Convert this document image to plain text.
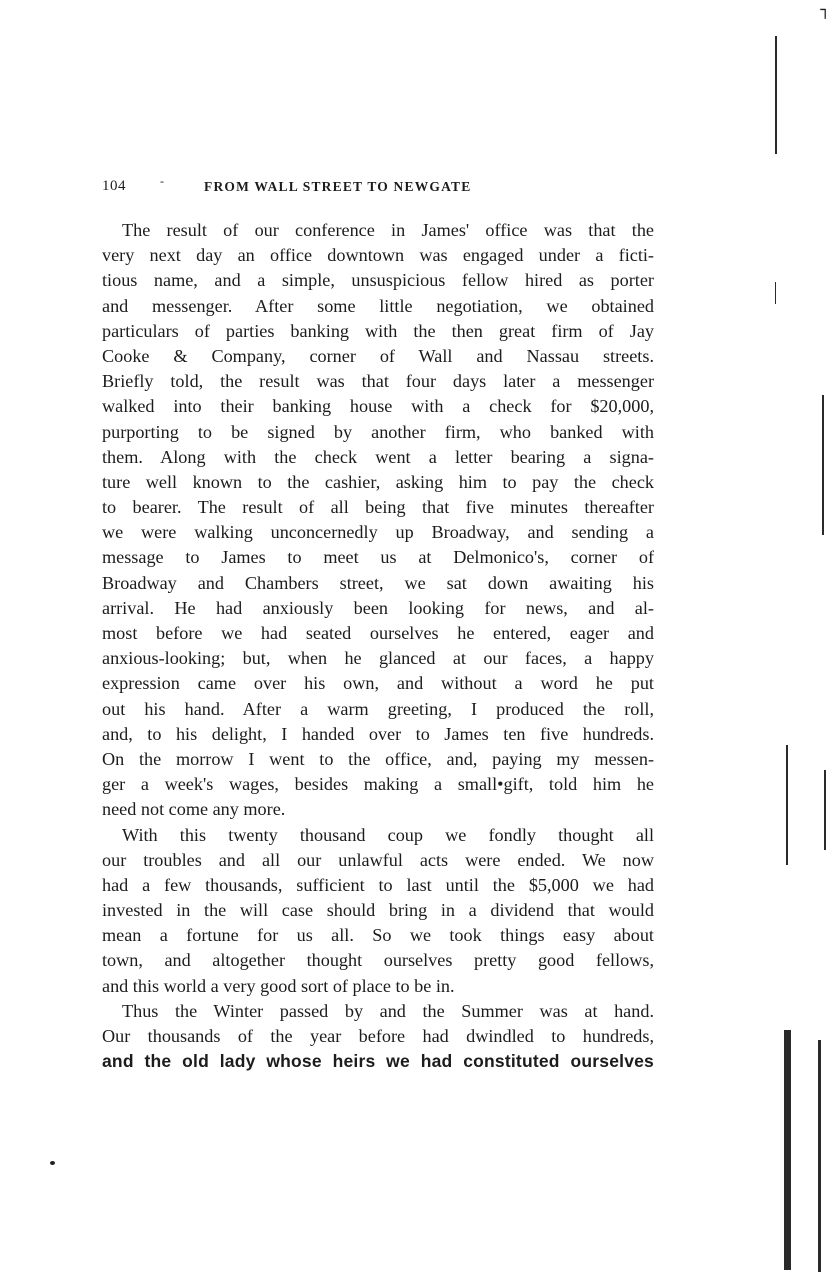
┐
104	-	FROM WALL STREET TO NEWGATE
The result of our conference in James' office was that the
very next day an office downtown was engaged under a ficti-
tious name, and a simple, unsuspicious fellow hired as porter
and messenger. After some little negotiation, we obtained
particulars of parties banking with the then great firm of Jay
Cooke & Company, corner of Wall and Nassau streets.
Briefly told, the result was that four days later a messenger
walked into their banking house with a check for $20,000,
purporting to be signed by another firm, who banked with
them. Along with the check went a letter bearing a signa-
ture well known to the cashier, asking him to pay the check
to bearer. The result of all being that five minutes thereafter
we were walking unconcernedly up Broadway, and sending a
message to James to meet us at Delmonico's, corner of
Broadway and Chambers street, we sat down awaiting his
arrival. He had anxiously been looking for news, and al-
most before we had seated ourselves he entered, eager and
anxious-looking; but, when he glanced at our faces, a happy
expression came over his own, and without a word he put
out his hand. After a warm greeting, I produced the roll,
and, to his delight, I handed over to James ten five hundreds.
On the morrow I went to the office, and, paying my messen-
ger a week's wages, besides making a small•gift, told him he
need not come any more.
With this twenty thousand coup we fondly thought all
our troubles and all our unlawful acts were ended. We now
had a few thousands, sufficient to last until the $5,000 we had
invested in the will case should bring in a dividend that would
mean a fortune for us all. So we took things easy about
town, and altogether thought ourselves pretty good fellows,
and this world a very good sort of place to be in.
Thus the Winter passed by and the Summer was at hand.
Our thousands of the year before had dwindled to hundreds,
and the old lady whose heirs we had constituted ourselves
